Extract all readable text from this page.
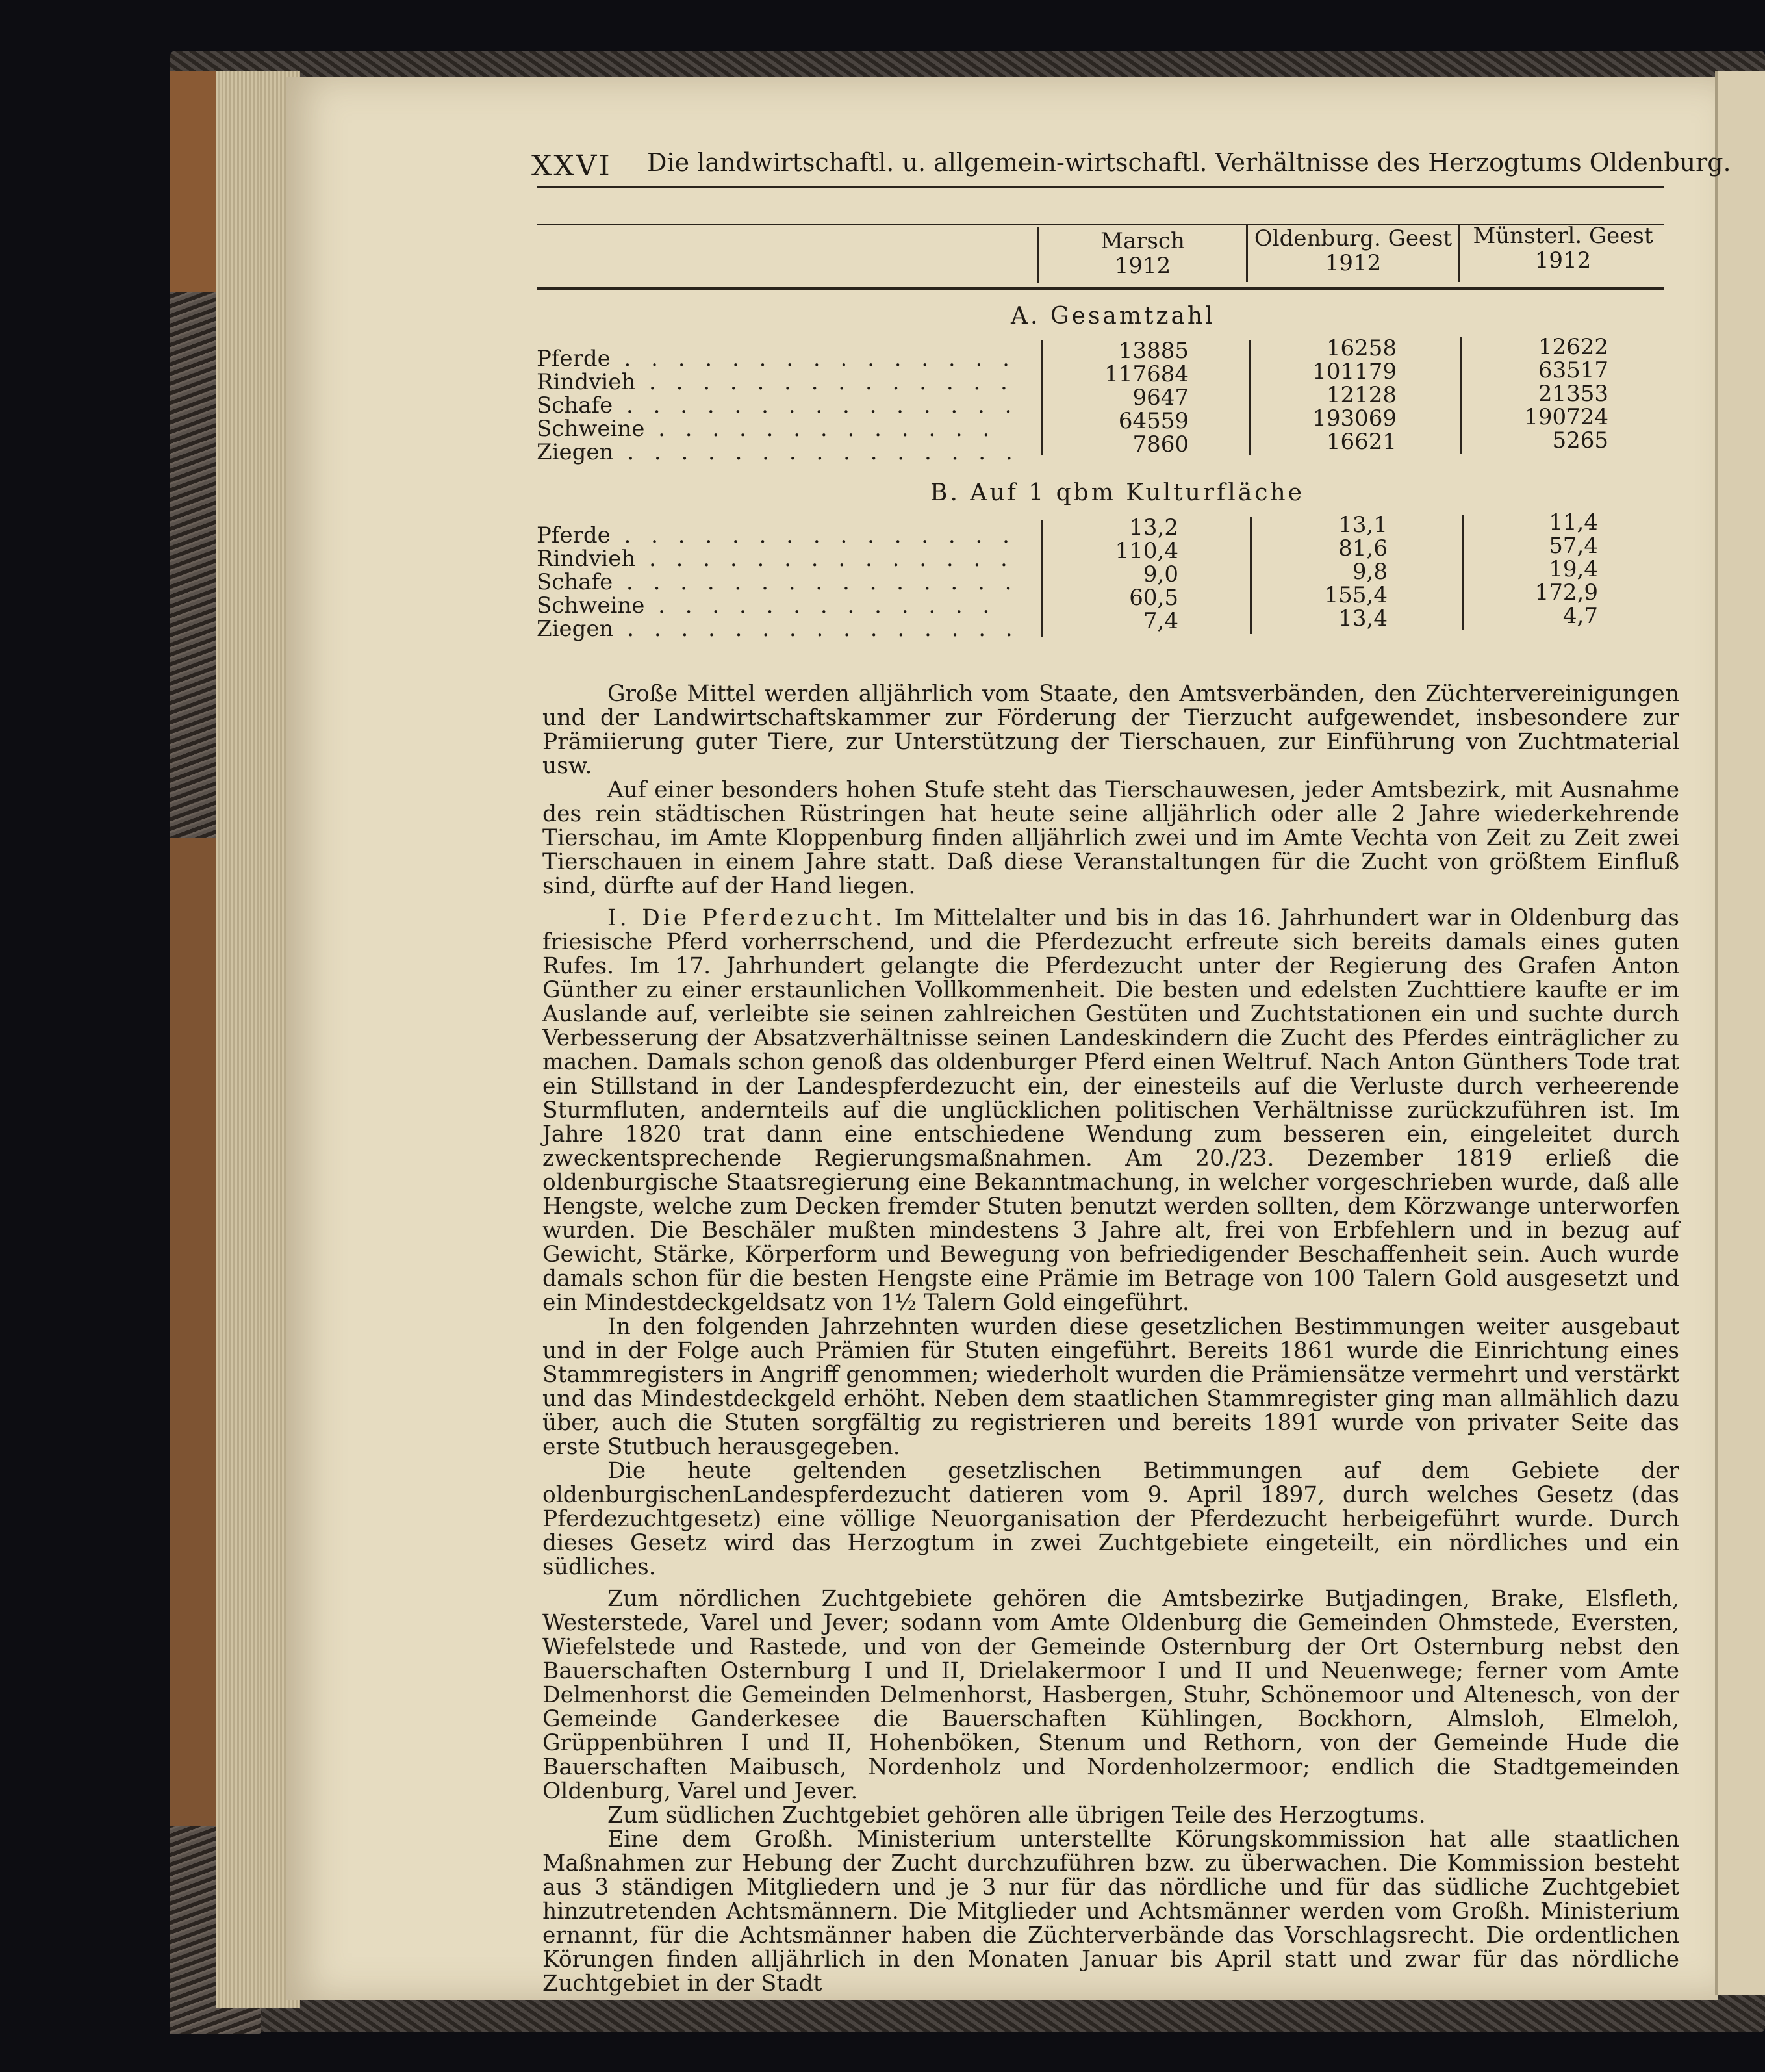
XXVI Die landwirtschaftl. u. allgemein-wirtschaftl. Verhältnisse des Herzogtums Oldenburg.
Marsch
1912
Oldenburg. Geest
1912
Münsterl. Geest
1912
A. Gesamtzahl
Pferde . . . . . . . . . . . . . . .
Rindvieh . . . . . . . . . . . . . .
Schafe . . . . . . . . . . . . . . .
Schweine . . . . . . . . . . . . .
Ziegen . . . . . . . . . . . . . . .
13885
117684
9647
64559
7860
16258
101179
12128
193069
16621
12622
63517
21353
190724
5265
B. Auf 1 qbm Kulturfläche
Pferde . . . . . . . . . . . . . . .
Rindvieh . . . . . . . . . . . . . .
Schafe . . . . . . . . . . . . . . .
Schweine . . . . . . . . . . . . .
Ziegen . . . . . . . . . . . . . . .
13,2
110,4
9,0
60,5
7,4
13,1
81,6
9,8
155,4
13,4
11,4
57,4
19,4
172,9
4,7

Große Mittel werden alljährlich vom Staate, den Amtsverbänden, den Züchtervereinigungen und der Landwirtschaftskammer zur Förderung der Tierzucht aufgewendet, insbesondere zur Prämiierung guter Tiere, zur Unterstützung der Tierschauen, zur Einführung von Zuchtmaterial usw.

Auf einer besonders hohen Stufe steht das Tierschauwesen, jeder Amtsbezirk, mit Ausnahme des rein städtischen Rüstringen hat heute seine alljährlich oder alle 2 Jahre wiederkehrende Tierschau, im Amte Kloppenburg finden alljährlich zwei und im Amte Vechta von Zeit zu Zeit zwei Tierschauen in einem Jahre statt. Daß diese Veranstaltungen für die Zucht von größtem Einfluß sind, dürfte auf der Hand liegen.

I. Die Pferdezucht. Im Mittelalter und bis in das 16. Jahrhundert war in Oldenburg das friesische Pferd vorherrschend, und die Pferdezucht erfreute sich bereits damals eines guten Rufes. Im 17. Jahrhundert gelangte die Pferdezucht unter der Regierung des Grafen Anton Günther zu einer erstaunlichen Vollkommenheit. Die besten und edelsten Zuchttiere kaufte er im Auslande auf, verleibte sie seinen zahlreichen Gestüten und Zuchtstationen ein und suchte durch Verbesserung der Absatzverhältnisse seinen Landeskindern die Zucht des Pferdes einträglicher zu machen. Damals schon genoß das oldenburger Pferd einen Weltruf. Nach Anton Günthers Tode trat ein Stillstand in der Landespferdezucht ein, der einesteils auf die Verluste durch verheerende Sturmfluten, andernteils auf die unglücklichen politischen Verhältnisse zurückzuführen ist. Im Jahre 1820 trat dann eine entschiedene Wendung zum besseren ein, eingeleitet durch zweckentsprechende Regierungsmaßnahmen. Am 20./23. Dezember 1819 erließ die oldenburgische Staatsregierung eine Bekanntmachung, in welcher vorgeschrieben wurde, daß alle Hengste, welche zum Decken fremder Stuten benutzt werden sollten, dem Körzwange unterworfen wurden. Die Beschäler mußten mindestens 3 Jahre alt, frei von Erbfehlern und in bezug auf Gewicht, Stärke, Körperform und Bewegung von befriedigender Beschaffenheit sein. Auch wurde damals schon für die besten Hengste eine Prämie im Betrage von 100 Talern Gold ausgesetzt und ein Mindestdeckgeldsatz von 1½ Talern Gold eingeführt.

In den folgenden Jahrzehnten wurden diese gesetzlichen Bestimmungen weiter ausgebaut und in der Folge auch Prämien für Stuten eingeführt. Bereits 1861 wurde die Einrichtung eines Stammregisters in Angriff genommen; wiederholt wurden die Prämiensätze vermehrt und verstärkt und das Mindestdeckgeld erhöht. Neben dem staatlichen Stammregister ging man allmählich dazu über, auch die Stuten sorgfältig zu registrieren und bereits 1891 wurde von privater Seite das erste Stutbuch herausgegeben.

Die heute geltenden gesetzlischen Betimmungen auf dem Gebiete der oldenburgischenLandespferdezucht datieren vom 9. April 1897, durch welches Gesetz (das Pferdezuchtgesetz) eine völlige Neuorganisation der Pferdezucht herbeigeführt wurde. Durch dieses Gesetz wird das Herzogtum in zwei Zuchtgebiete eingeteilt, ein nördliches und ein südliches.

Zum nördlichen Zuchtgebiete gehören die Amtsbezirke Butjadingen, Brake, Elsfleth, Westerstede, Varel und Jever; sodann vom Amte Oldenburg die Gemeinden Ohmstede, Eversten, Wiefelstede und Rastede, und von der Gemeinde Osternburg der Ort Osternburg nebst den Bauerschaften Osternburg I und II, Drielakermoor I und II und Neuenwege; ferner vom Amte Delmenhorst die Gemeinden Delmenhorst, Hasbergen, Stuhr, Schönemoor und Altenesch, von der Gemeinde Ganderkesee die Bauerschaften Kühlingen, Bockhorn, Almsloh, Elmeloh, Grüppenbühren I und II, Hohenböken, Stenum und Rethorn, von der Gemeinde Hude die Bauerschaften Maibusch, Nordenholz und Nordenholzermoor; endlich die Stadtgemeinden Oldenburg, Varel und Jever.

Zum südlichen Zuchtgebiet gehören alle übrigen Teile des Herzogtums.

Eine dem Großh. Ministerium unterstellte Körungskommission hat alle staatlichen Maßnahmen zur Hebung der Zucht durchzuführen bzw. zu überwachen. Die Kommission besteht aus 3 ständigen Mitgliedern und je 3 nur für das nördliche und für das südliche Zuchtgebiet hinzutretenden Achtsmännern. Die Mitglieder und Achtsmänner werden vom Großh. Ministerium ernannt, für die Achtsmänner haben die Züchterverbände das Vorschlagsrecht. Die ordentlichen Körungen finden alljährlich in den Monaten Januar bis April statt und zwar für das nördliche Zuchtgebiet in der Stadt
